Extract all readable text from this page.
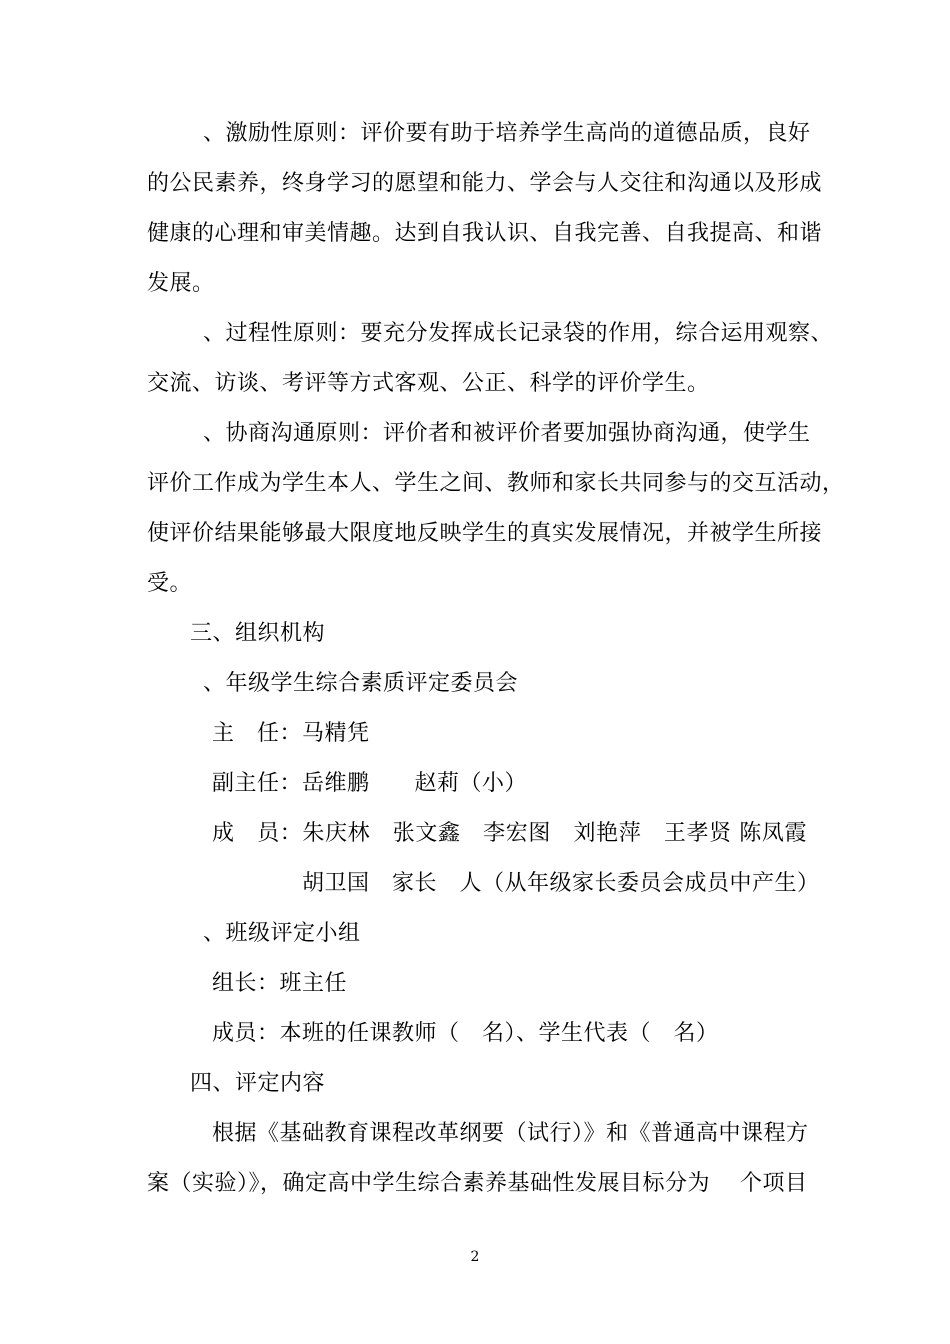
、激励性原则：评价要有助于培养学生高尚的道德品质，良好
的公民素养，终身学习的愿望和能力、学会与人交往和沟通以及形成
健康的心理和审美情趣。达到自我认识、自我完善、自我提高、和谐
发展。
、过程性原则：要充分发挥成长记录袋的作用，综合运用观察、
交流、访谈、考评等方式客观、公正、科学的评价学生。
、协商沟通原则：评价者和被评价者要加强协商沟通，使学生
评价工作成为学生本人、学生之间、教师和家长共同参与的交互活动，
使评价结果能够最大限度地反映学生的真实发展情况，并被学生所接
受。
三、组织机构
、年级学生综合素质评定委员会
主　任：马精凭
副主任：岳维鹏　　赵莉（小）
成　员：朱庆林　张文鑫　李宏图　刘艳萍　王孝贤 陈凤霞
胡卫国　家长　人（从年级家长委员会成员中产生）
、班级评定小组
组长：班主任
成员：本班的任课教师（　名）、学生代表（　名）
四、评定内容
根据《基础教育课程改革纲要（试行）》和《普通高中课程方
案（实验）》，确定高中学生综合素养基础性发展目标分为　 个项目
2
